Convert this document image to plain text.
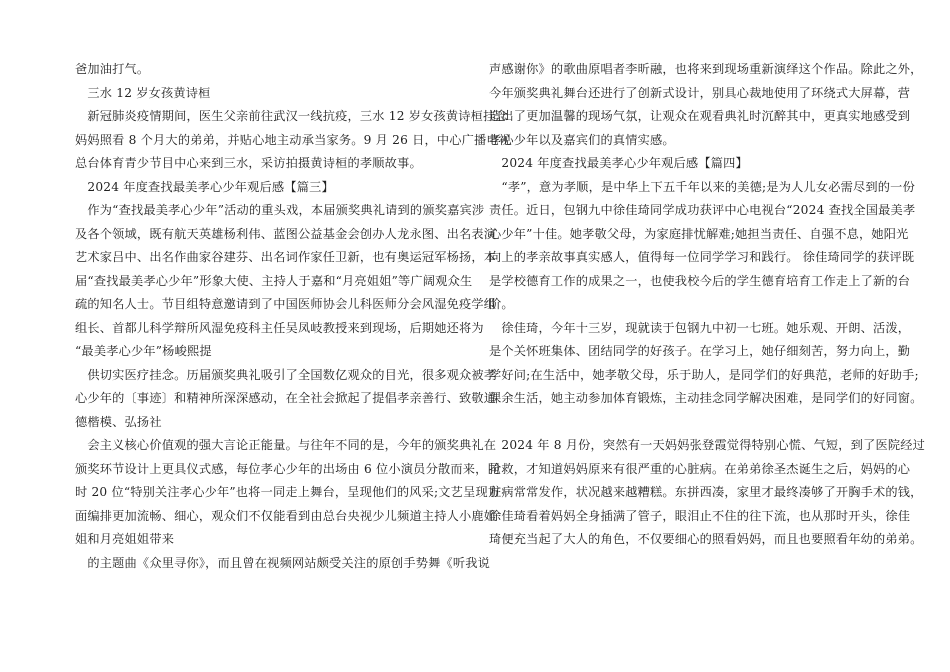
爸加油打气。
　三水 12 岁女孩黄诗桓
　新冠肺炎疫情期间，医生父亲前往武汉一线抗疫，三水 12 岁女孩黄诗桓挂念
妈妈照看 8 个月大的弟弟，并贴心地主动承当家务。9 月 26 日，中心广播电视
总台体育青少节目中心来到三水，采访拍摄黄诗桓的孝顺故事。
　2024 年度查找最美孝心少年观后感【篇三】
　作为“查找最美孝心少年”活动的重头戏，本届颁奖典礼请到的颁奖嘉宾涉
及各个领域，既有航天英雄杨利伟、蓝图公益基金会创办人龙永图、出名表演
艺术家吕中、出名作曲家谷建芬、出名词作家任卫新，也有奥运冠军杨扬，本
届“查找最美孝心少年”形象大使、主持人于嘉和“月亮姐姐”等广阔观众生
疏的知名人士。节目组特意邀请到了中国医师协会儿科医师分会风湿免疫学组
组长、首都儿科学辩所风湿免疫科主任吴凤岐教授来到现场，后期她还将为
“最美孝心少年”杨峻熙提
　供切实医疗挂念。历届颁奖典礼吸引了全国数亿观众的目光，很多观众被孝
心少年的〔事迹〕和精神所深深感动，在全社会掀起了提倡孝亲善行、致敬道
德楷模、弘扬社
　会主义核心价值观的强大言论正能量。与往年不同的是，今年的颁奖典礼在
颁奖环节设计上更具仪式感，每位孝心少年的出场由 6 位小演员分散而来，同
时 20 位“特别关注孝心少年”也将一同走上舞台，呈现他们的风采;文艺呈现方
面编排更加流畅、细心，观众们不仅能看到由总台央视少儿频道主持人小鹿姐
姐和月亮姐姐带来
　的主题曲《众里寻你》，而且曾在视频网站颇受关注的原创手势舞《听我说
声感谢你》的歌曲原唱者李昕融，也将来到现场重新演绎这个作品。除此之外，
今年颁奖典礼舞台还进行了创新式设计，别具心裁地使用了环绕式大屏幕，营
造出了更加温馨的现场气氛，让观众在观看典礼时沉醉其中，更真实地感受到
孝心少年以及嘉宾们的真情实感。
　2024 年度查找最美孝心少年观后感【篇四】
　“孝”，意为孝顺，是中华上下五千年以来的美德;是为人儿女必需尽到的一份
责任。近日，包钢九中徐佳琦同学成功获评中心电视台“2024 查找全国最美孝
心少年”十佳。她孝敬父母，为家庭排忧解难;她担当责任、自强不息，她阳光
向上的孝亲故事真实感人，值得每一位同学学习和践行。 徐佳琦同学的获评既
是学校德育工作的成果之一，也使我校今后的学生德育培育工作走上了新的台
阶。
　徐佳琦，今年十三岁，现就读于包钢九中初一七班。她乐观、开朗、活泼，
是个关怀班集体、团结同学的好孩子。在学习上，她仔细刻苦，努力向上，勤
学好问;在生活中，她孝敬父母，乐于助人，是同学们的好典范，老师的好助手;
课余生活，她主动参加体育锻炼，主动挂念同学解决困难，是同学们的好同窗。
　2024 年 8 月份，突然有一天妈妈张登霞觉得特别心慌、气短，到了医院经过
抢救，才知道妈妈原来有很严重的心脏病。在弟弟徐圣杰诞生之后，妈妈的心
脏病常常发作，状况越来越糟糕。东拼西凑，家里才最终凑够了开胸手术的钱，
徐佳琦看着妈妈全身插满了管子，眼泪止不住的往下流，也从那时开头，徐佳
琦便充当起了大人的角色，不仅要细心的照看妈妈，而且也要照看年幼的弟弟。
